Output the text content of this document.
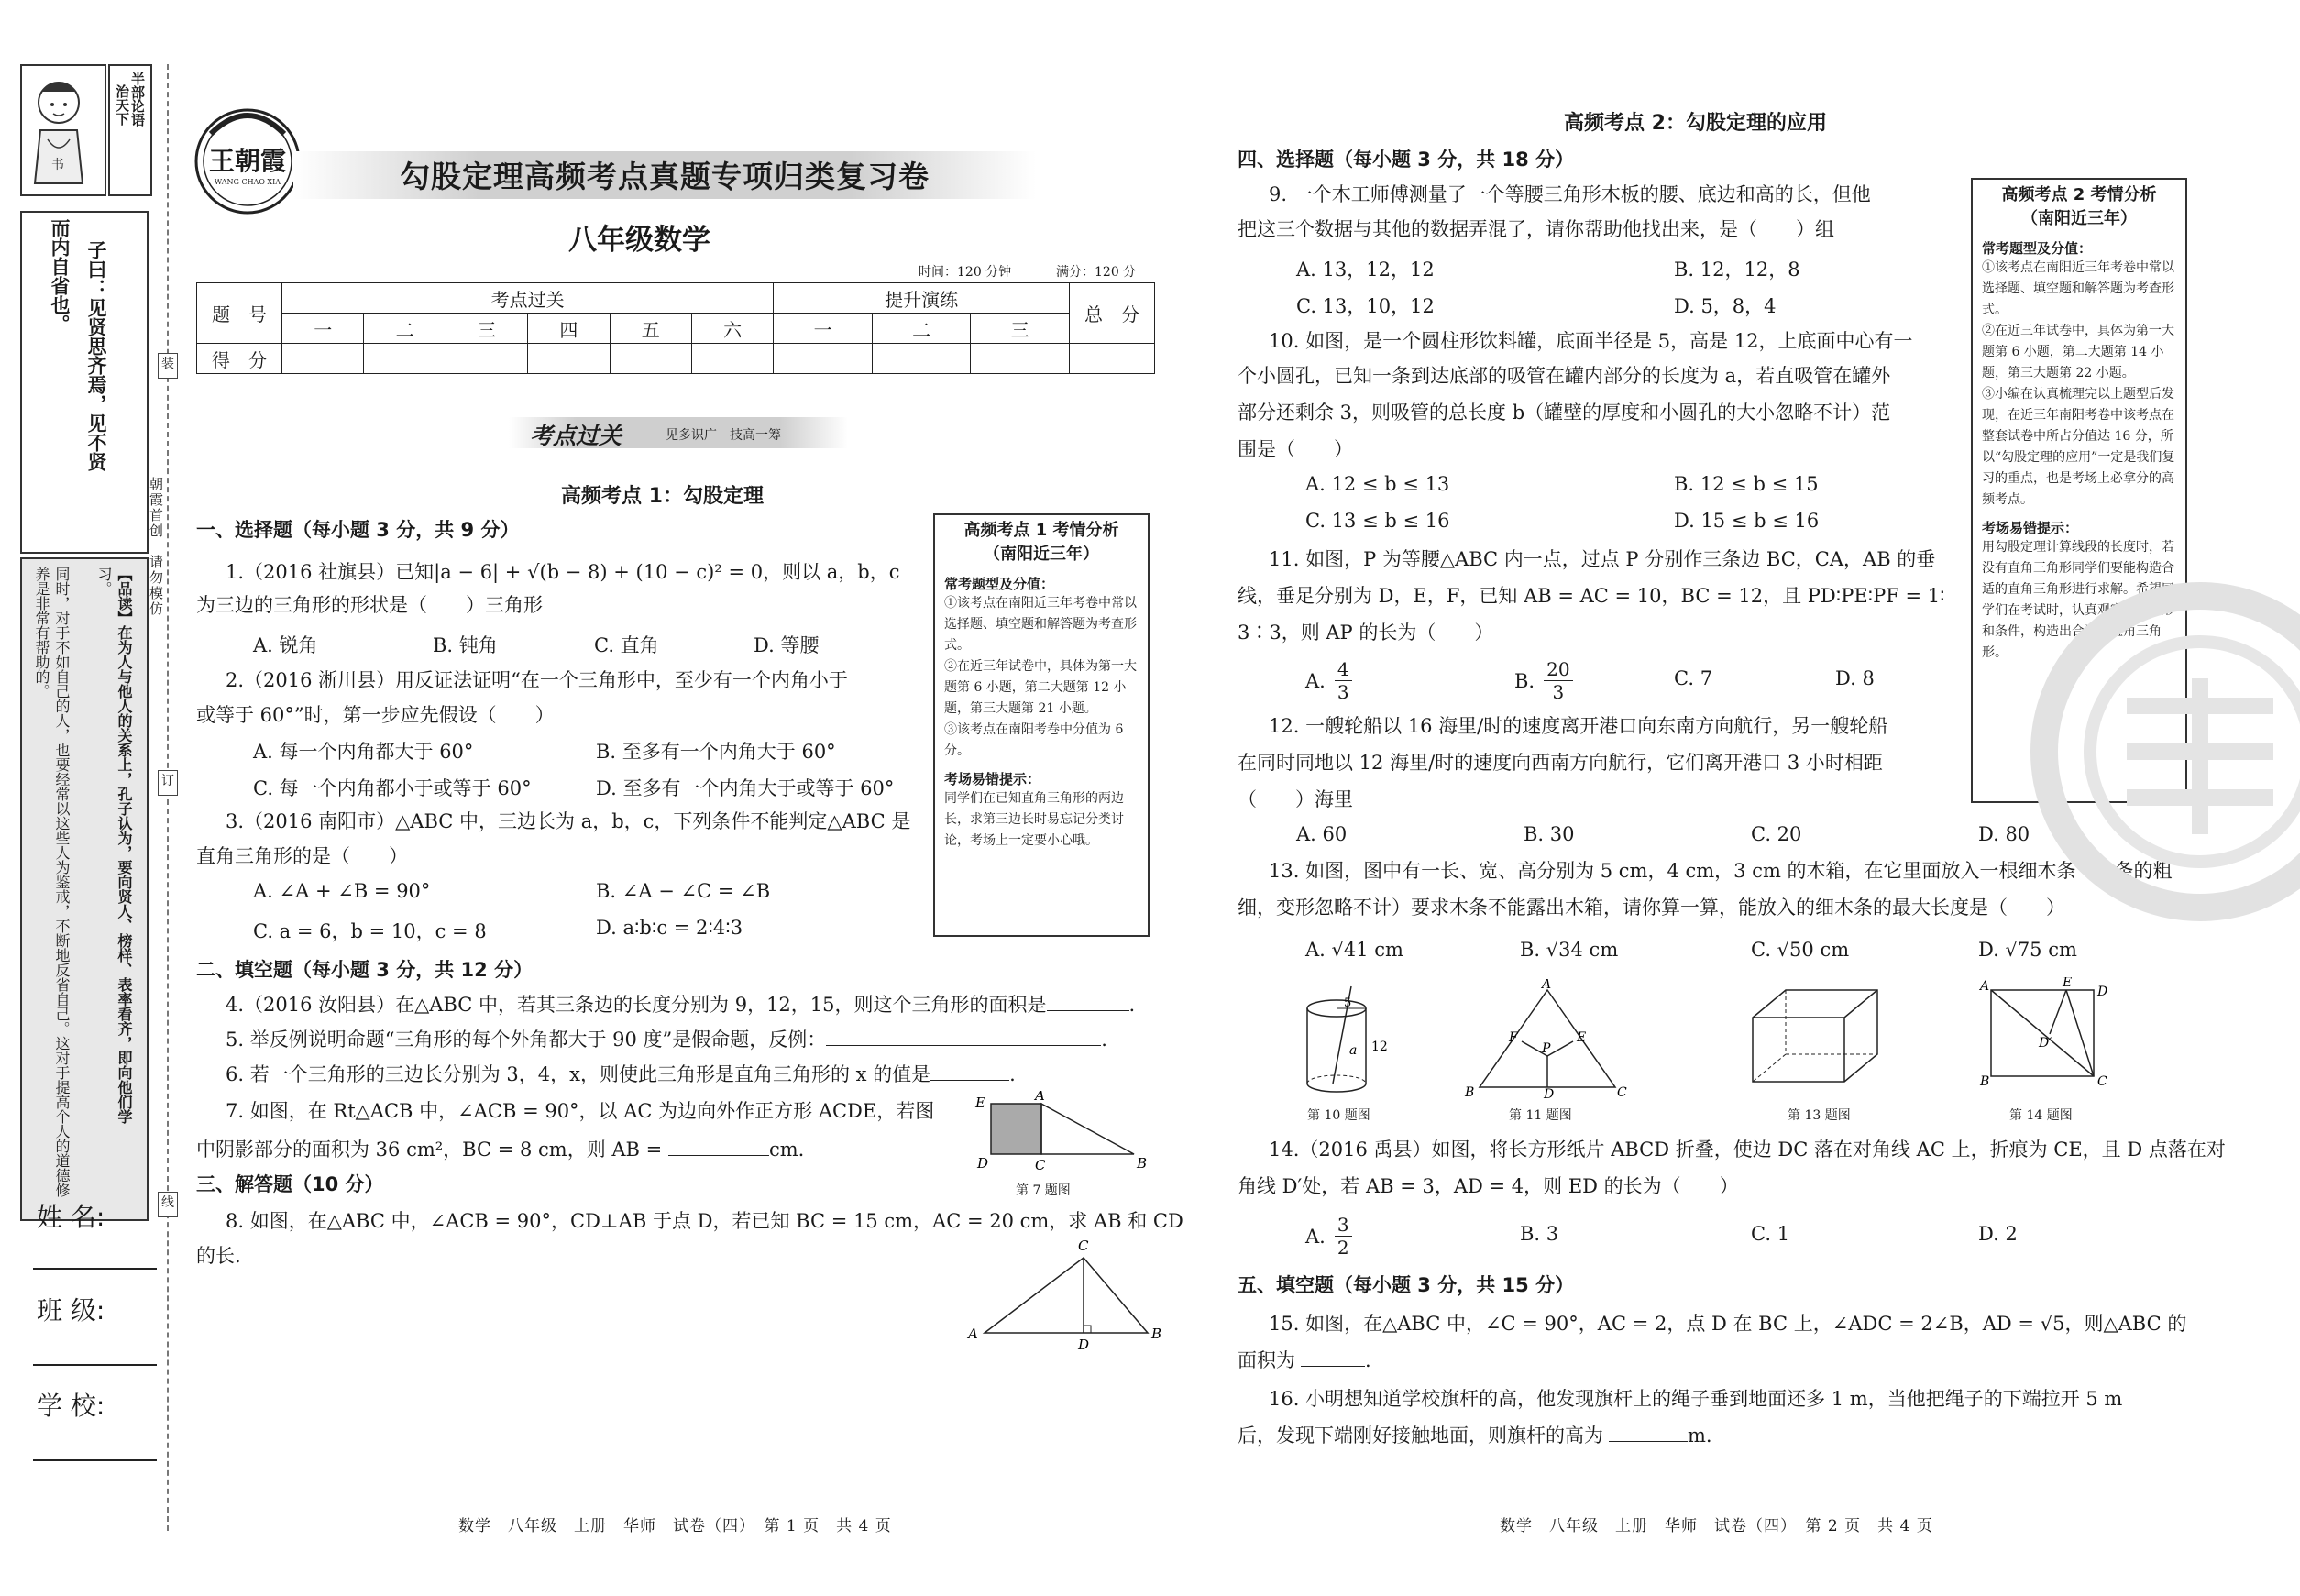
书
半部论语
治天下
子曰：见贤思齐焉，见不贤
而内自省也。
【品读】在为人与他人的关系上，孔子认为，要向贤人、榜样、表率看齐，即向他们学
习。
同时，对于不如自己的人，也要经常以这些人为鉴戒，不断地反省自己。这对于提高个人的道德修养是非常有帮助的。
装
订
线
朝霞首创　请勿模仿
姓 名:
班 级:
学 校:
王朝霞
WANG CHAO XIA	勾股定理高频考点真题专项归类复习卷
八年级数学
时间：120 分钟	满分：120 分
题　号	考点过关						提升演练			总　分
	一	二	三	四	五	六	一	二	三	
得　分										
考点过关	见多识广　技高一筹
高频考点 1：勾股定理
一、选择题（每小题 3 分，共 9 分）
1.（2016 社旗县）已知|a − 6| + √(b − 8) + (10 − c)² = 0，则以 a，b，c
为三边的三角形的形状是（　　）三角形
A. 锐角	B. 钝角	C. 直角	D. 等腰
2.（2016 淅川县）用反证法证明“在一个三角形中，至少有一个内角小于
或等于 60°”时，第一步应先假设（　　）
A. 每一个内角都大于 60°	B. 至多有一个内角大于 60°
C. 每一个内角都小于或等于 60°	D. 至多有一个内角大于或等于 60°
3.（2016 南阳市）△ABC 中，三边长为 a，b，c，下列条件不能判定△ABC 是
直角三角形的是（　　）
A. ∠A + ∠B = 90°	B. ∠A − ∠C = ∠B
C. a = 6，b = 10，c = 8	D. a∶b∶c = 2∶4∶3
二、填空题（每小题 3 分，共 12 分）
4.（2016 汝阳县）在△ABC 中，若其三条边的长度分别为 9，12，15，则这个三角形的面积是	.
5. 举反例说明命题“三角形的每个外角都大于 90 度”是假命题，反例：	.
6. 若一个三角形的三边长分别为 3，4，x，则使此三角形是直角三角形的 x 的值是	.
7. 如图，在 Rt△ACB 中，∠ACB = 90°，以 AC 为边向外作正方形 ACDE，若图
中阴影部分的面积为 36 cm²，BC = 8 cm，则 AB =	cm.
E	A
D	C	B
第 7 题图
三、解答题（10 分）
8. 如图，在△ABC 中，∠ACB = 90°，CD⊥AB 于点 D，若已知 BC = 15 cm，AC = 20 cm，求 AB 和 CD
的长.	C
A	B
D
高频考点 1 考情分析
（南阳近三年）
常考题型及分值：
①该考点在南阳近三年考卷中常以选择题、填空题和解答题为考查形式。
②在近三年试卷中，具体为第一大题第 6 小题，第二大题第 12 小题，第三大题第 21 小题。
③该考点在南阳考卷中分值为 6 分。
考场易错提示：
同学们在已知直角三角形的两边长，求第三边长时易忘记分类讨论，考场上一定要小心哦。
数学　八年级　上册　华师　试卷（四）　第 1 页　共 4 页
高频考点 2：勾股定理的应用
四、选择题（每小题 3 分，共 18 分）
9. 一个木工师傅测量了一个等腰三角形木板的腰、底边和高的长，但他
把这三个数据与其他的数据弄混了，请你帮助他找出来，是（　　）组
A. 13，12，12	B. 12，12，8
C. 13，10，12	D. 5，8，4
10. 如图，是一个圆柱形饮料罐，底面半径是 5，高是 12，上底面中心有一
个小圆孔，已知一条到达底部的吸管在罐内部分的长度为 a，若直吸管在罐外
部分还剩余 3，则吸管的总长度 b（罐壁的厚度和小圆孔的大小忽略不计）范
围是（　　）
A. 12 ≤ b ≤ 13	B. 12 ≤ b ≤ 15
C. 13 ≤ b ≤ 16	D. 15 ≤ b ≤ 16
11. 如图，P 为等腰△ABC 内一点，过点 P 分别作三条边 BC，CA，AB 的垂
线，垂足分别为 D，E，F，已知 AB = AC = 10，BC = 12，且 PD∶PE∶PF = 1∶
3∶3，则 AP 的长为（　　）
A. $\frac{4}{3}$	B. $\frac{20}{3}$	C. 7	D. 8
12. 一艘轮船以 16 海里/时的速度离开港口向东南方向航行，另一艘轮船
在同时同地以 12 海里/时的速度向西南方向航行，它们离开港口 3 小时相距
（　　）海里
A. 60	B. 30	C. 20	D. 80
13. 如图，图中有一长、宽、高分别为 5 cm，4 cm，3 cm 的木箱，在它里面放入一根细木条（木条的粗
细，变形忽略不计）要求木条不能露出木箱，请你算一算，能放入的细木条的最大长度是（　　）
A. √41 cm	B. √34 cm	C. √50 cm	D. √75 cm
5
a 12
A
B	C
D
F	E
P
A	E
D
B	C
D′
第 10 题图	第 11 题图	第 13 题图	第 14 题图
14.（2016 禹县）如图，将长方形纸片 ABCD 折叠，使边 DC 落在对角线 AC 上，折痕为 CE，且 D 点落在对
角线 D′处，若 AB = 3，AD = 4，则 ED 的长为（　　）
A. $\frac{3}{2}$	B. 3	C. 1	D. 2
五、填空题（每小题 3 分，共 15 分）
15. 如图，在△ABC 中，∠C = 90°，AC = 2，点 D 在 BC 上，∠ADC = 2∠B，AD = √5，则△ABC 的
面积为	.
16. 小明想知道学校旗杆的高，他发现旗杆上的绳子垂到地面还多 1 m，当他把绳子的下端拉开 5 m
后，发现下端刚好接触地面，则旗杆的高为	m.
高频考点 2 考情分析
（南阳近三年）
常考题型及分值：
①该考点在南阳近三年考卷中常以选择题、填空题和解答题为考查形式。
②在近三年试卷中，具体为第一大题第 6 小题，第二大题第 14 小题，第三大题第 22 小题。
③小编在认真梳理完以上题型后发现，在近三年南阳考卷中该考点在整套试卷中所占分值达 16 分，所以“勾股定理的应用”一定是我们复习的重点，也是考场上必拿分的高频考点。
考场易错提示：
用勾股定理计算线段的长度时，若没有直角三角形同学们要能构造合适的直角三角形进行求解。希望同学们在考试时，认真观察所给图形和条件，构造出合适的直角三角形。
数学　八年级　上册　华师　试卷（四）　第 2 页　共 4 页
